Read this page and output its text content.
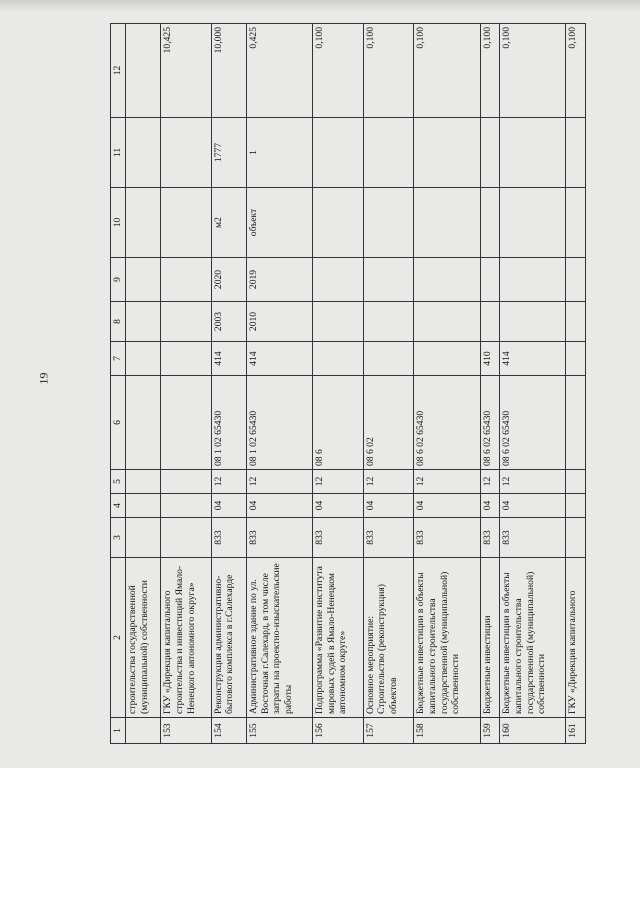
19
1	2	3	4	5	6	7	8	9	10	11	12
	строительства государственной (муниципальной) собственности										
153	ГКУ «Дирекция капитального строительства и инвестиций Ямало-Ненецкого автономного округа»										10,425
154	Реконструкция административно-бытового комплекса в г.Салехарде	833	04	12	08 1 02 65430	414	2003	2020	м2	1777	10,000
155	Административное здание по ул. Восточная г.Салехард, в том числе затраты на проектно-изыскательские работы	833	04	12	08 1 02 65430	414	2010	2019	объект	1	0,425
156	Подпрограмма «Развитие института мировых судей в Ямало-Ненецком автономном округе»	833	04	12	08 6						0,100
157	Основное мероприятие: Строительство (реконструкция) объектов	833	04	12	08 6 02						0,100
158	Бюджетные инвестиции в объекты капитального строительства государственной (муниципальной) собственности	833	04	12	08 6 02 65430						0,100
159	Бюджетные инвестиции	833	04	12	08 6 02 65430	410					0,100
160	Бюджетные инвестиции в объекты капитального строительства государственной (муниципальной) собственности	833	04	12	08 6 02 65430	414					0,100
161	ГКУ «Дирекция капитального										0,100
